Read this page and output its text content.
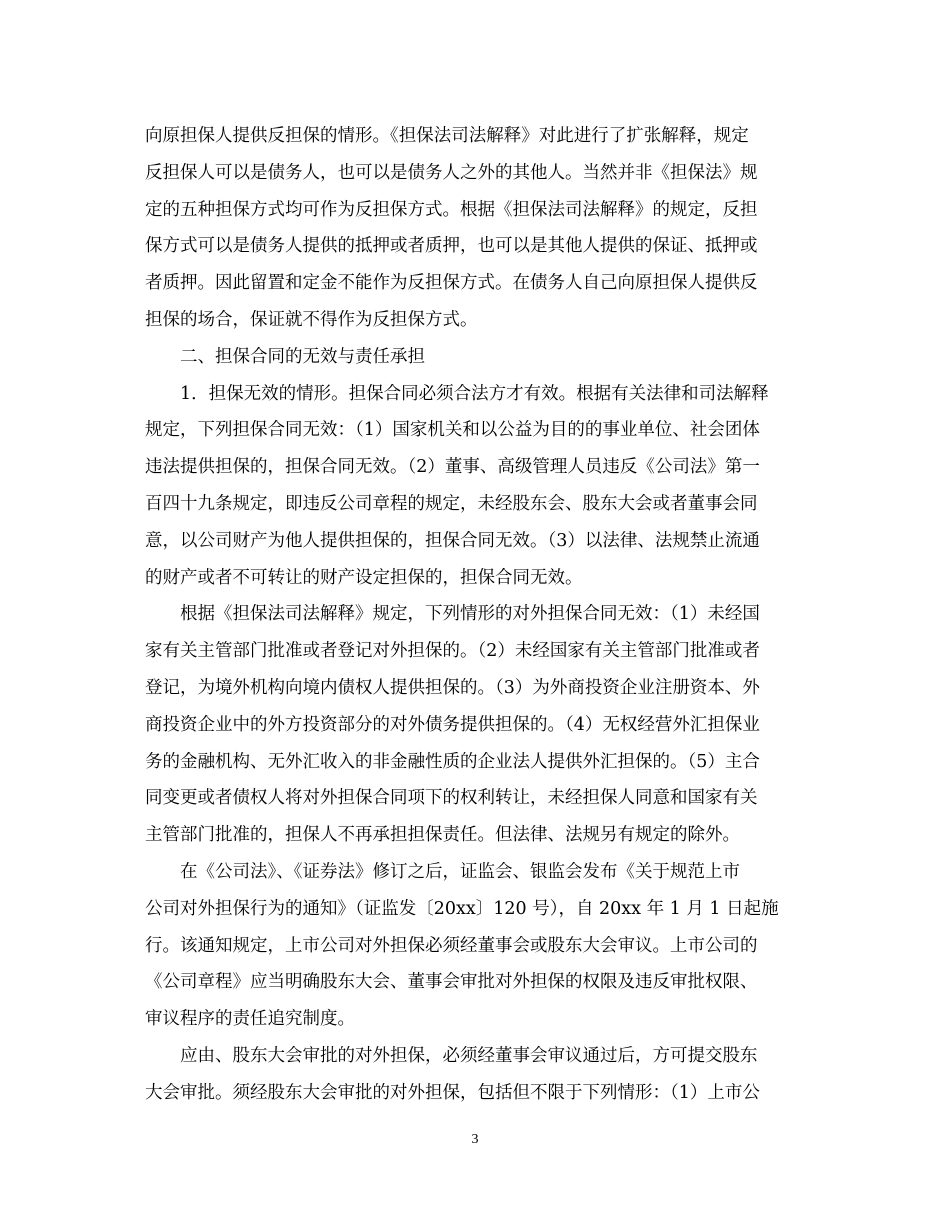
向原担保人提供反担保的情形。《担保法司法解释》对此进行了扩张解释，规定
反担保人可以是债务人，也可以是债务人之外的其他人。当然并非《担保法》规
定的五种担保方式均可作为反担保方式。根据《担保法司法解释》的规定，反担
保方式可以是债务人提供的抵押或者质押，也可以是其他人提供的保证、抵押或
者质押。因此留置和定金不能作为反担保方式。在债务人自己向原担保人提供反
担保的场合，保证就不得作为反担保方式。
　　二、担保合同的无效与责任承担
　　1．担保无效的情形。担保合同必须合法方才有效。根据有关法律和司法解释
规定，下列担保合同无效：（1）国家机关和以公益为目的的事业单位、社会团体
违法提供担保的，担保合同无效。（2）董事、高级管理人员违反《公司法》第一
百四十九条规定，即违反公司章程的规定，未经股东会、股东大会或者董事会同
意，以公司财产为他人提供担保的，担保合同无效。（3）以法律、法规禁止流通
的财产或者不可转让的财产设定担保的，担保合同无效。
　　根据《担保法司法解释》规定，下列情形的对外担保合同无效：（1）未经国
家有关主管部门批准或者登记对外担保的。（2）未经国家有关主管部门批准或者
登记，为境外机构向境内债权人提供担保的。（3）为外商投资企业注册资本、外
商投资企业中的外方投资部分的对外债务提供担保的。（4）无权经营外汇担保业
务的金融机构、无外汇收入的非金融性质的企业法人提供外汇担保的。（5）主合
同变更或者债权人将对外担保合同项下的权利转让，未经担保人同意和国家有关
主管部门批准的，担保人不再承担担保责任。但法律、法规另有规定的除外。
　　在《公司法》、《证券法》修订之后，证监会、银监会发布《关于规范上市
公司对外担保行为的通知》（证监发〔20xx〕120 号），自 20xx 年 1 月 1 日起施
行。该通知规定，上市公司对外担保必须经董事会或股东大会审议。上市公司的
《公司章程》应当明确股东大会、董事会审批对外担保的权限及违反审批权限、
审议程序的责任追究制度。
　　应由、股东大会审批的对外担保，必须经董事会审议通过后，方可提交股东
大会审批。须经股东大会审批的对外担保，包括但不限于下列情形：（1）上市公
3
